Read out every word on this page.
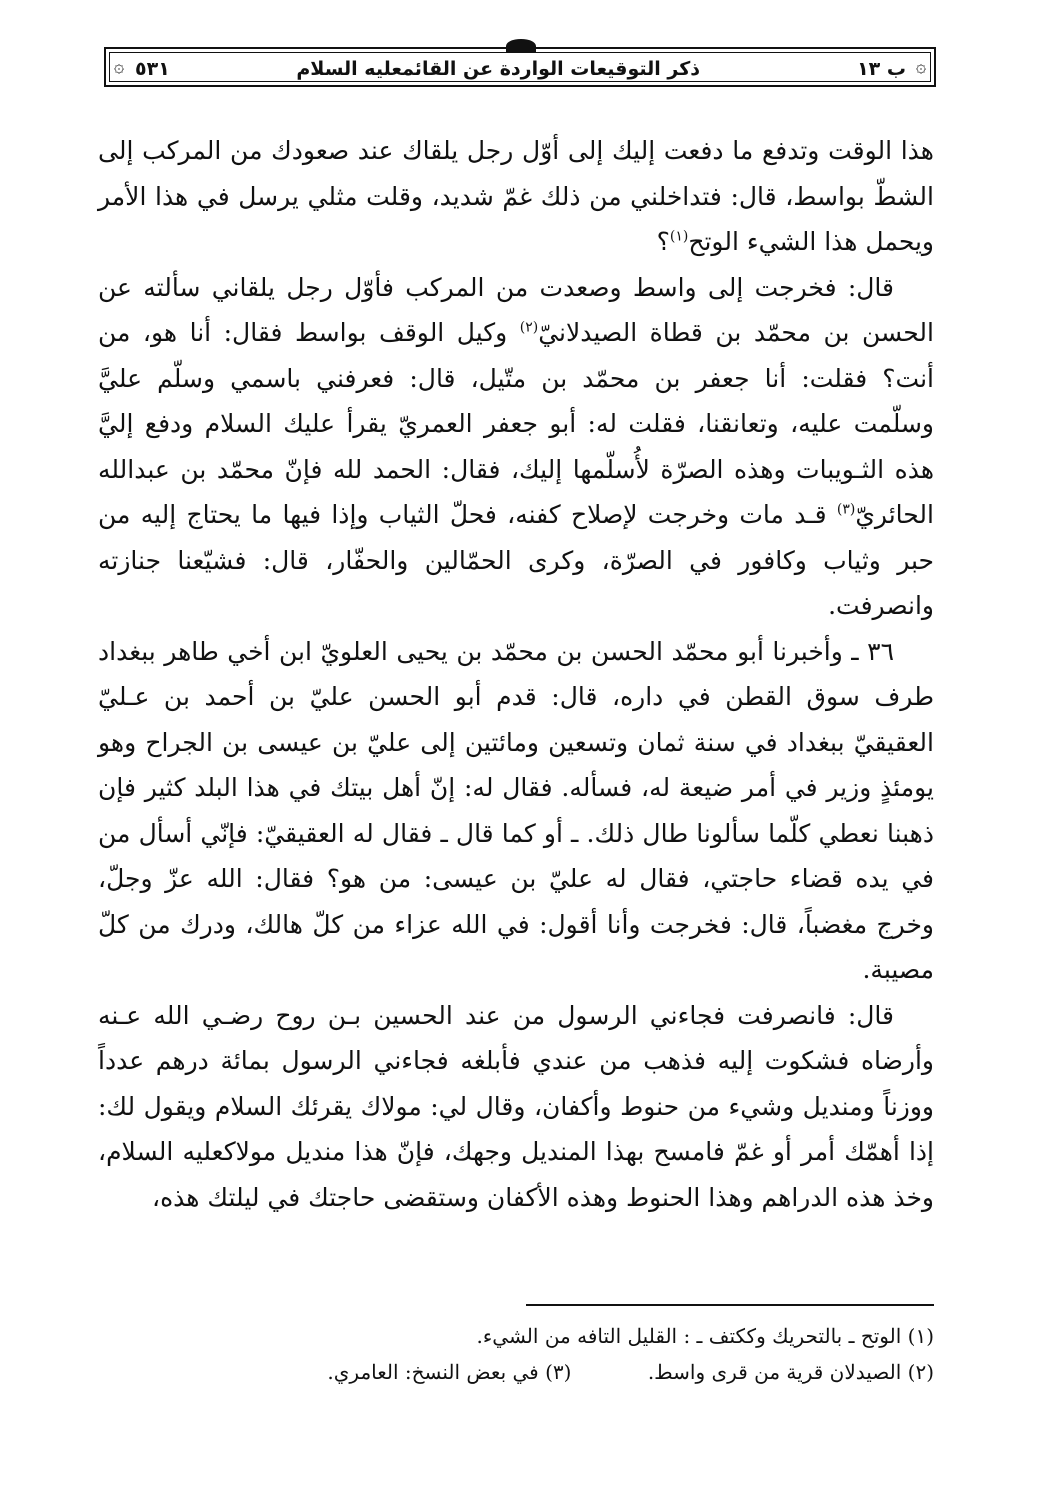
۞	۞
٥٣١	ذكر التوقيعات الواردة عن القائمعليه السلام	ب ١٣

هذا الوقت وتدفع ما دفعت إليك إلى أوّل رجل يلقاك عند صعودك من المركب إلى الشطّ بواسط، قال: فتداخلني من ذلك غمّ شديد، وقلت مثلي يرسل في هذا الأمر ويحمل هذا الشيء الوتح$^{(١)}$؟

قال: فخرجت إلى واسط وصعدت من المركب فأوّل رجل يلقاني سألته عن الحسن بن محمّد بن قطاة الصيدلانيّ$^{(٢)}$ وكيل الوقف بواسط فقال: أنا هو، من أنت؟ فقلت: أنا جعفر بن محمّد بن متّيل، قال: فعرفني باسمي وسلّم عليَّ وسلّمت عليه، وتعانقنا، فقلت له: أبو جعفر العمريّ يقرأ عليك السلام ودفع إليَّ هذه الثـويبات وهذه الصرّة لأُسلّمها إليك، فقال: الحمد لله فإنّ محمّد بن عبدالله الحائريّ$^{(٣)}$ قـد مات وخرجت لإصلاح كفنه، فحلّ الثياب وإذا فيها ما يحتاج إليه من حبر وثياب وكافور في الصرّة، وكرى الحمّالين والحفّار، قال: فشيّعنا جنازته وانصرفت.

٣٦ ـ وأخبرنا أبو محمّد الحسن بن محمّد بن يحيى العلويّ ابن أخي طاهر ببغداد طرف سوق القطن في داره، قال: قدم أبو الحسن عليّ بن أحمد بن عـليّ العقيقيّ ببغداد في سنة ثمان وتسعين ومائتين إلى عليّ بن عيسى بن الجراح وهو يومئذٍ وزير في أمر ضيعة له، فسأله. فقال له: إنّ أهل بيتك في هذا البلد كثير فإن ذهبنا نعطي كلّما سألونا طال ذلك. ـ أو كما قال ـ فقال له العقيقيّ: فإنّي أسأل من في يده قضاء حاجتي، فقال له عليّ بن عيسى: من هو؟ فقال: الله عزّ وجلّ، وخرج مغضباً، قال: فخرجت وأنا أقول: في الله عزاء من كلّ هالك، ودرك من كلّ مصيبة.

قال: فانصرفت فجاءني الرسول من عند الحسين بـن روح رضـي الله عـنه وأرضاه فشكوت إليه فذهب من عندي فأبلغه فجاءني الرسول بمائة درهم عدداً ووزناً ومنديل وشيء من حنوط وأكفان، وقال لي: مولاك يقرئك السلام ويقول لك: إذا أهمّك أمر أو غمّ فامسح بهذا المنديل وجهك، فإنّ هذا منديل مولاكعليه السلام، وخذ هذه الدراهم وهذا الحنوط وهذه الأكفان وستقضى حاجتك في ليلتك هذه،

(١) الوتح ـ بالتحريك وككتف ـ : القليل التافه من الشيء.
(٢) الصيدلان قرية من قرى واسط. (٣) في بعض النسخ: العامري.
